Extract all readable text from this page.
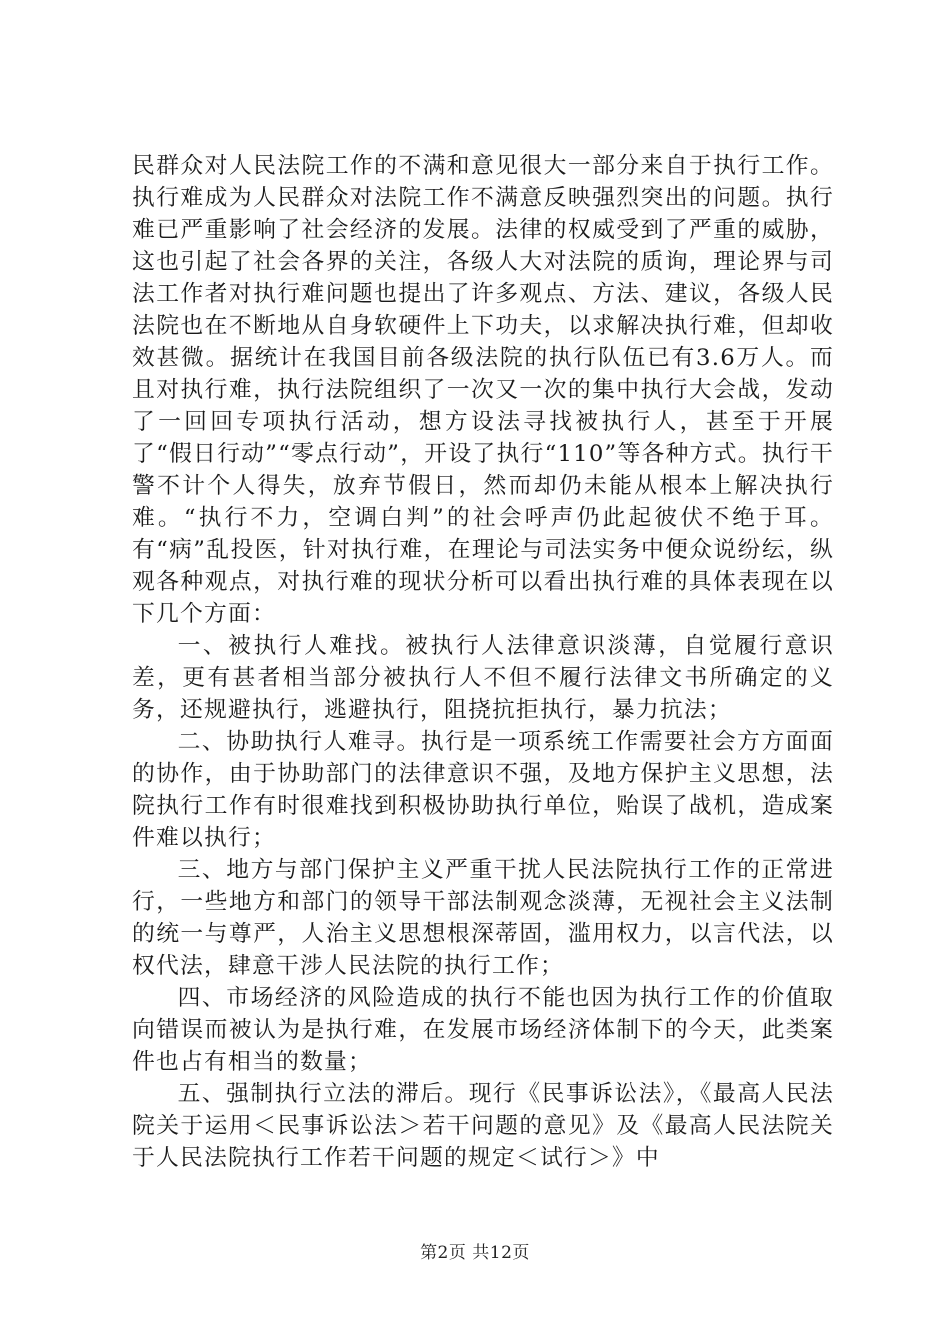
民群众对人民法院工作的不满和意见很大一部分来自于执行工作。执行难成为人民群众对法院工作不满意反映强烈突出的问题。执行难已严重影响了社会经济的发展。法律的权威受到了严重的威胁，这也引起了社会各界的关注，各级人大对法院的质询，理论界与司法工作者对执行难问题也提出了许多观点、方法、建议，各级人民法院也在不断地从自身软硬件上下功夫，以求解决执行难，但却收效甚微。据统计在我国目前各级法院的执行队伍已有3.6万人。而且对执行难，执行法院组织了一次又一次的集中执行大会战，发动了一回回专项执行活动，想方设法寻找被执行人，甚至于开展了“假日行动”“零点行动”，开设了执行“110”等各种方式。执行干警不计个人得失，放弃节假日，然而却仍未能从根本上解决执行难。“执行不力，空调白判”的社会呼声仍此起彼伏不绝于耳。有“病”乱投医，针对执行难，在理论与司法实务中便众说纷纭，纵观各种观点，对执行难的现状分析可以看出执行难的具体表现在以下几个方面：

一、被执行人难找。被执行人法律意识淡薄，自觉履行意识差，更有甚者相当部分被执行人不但不履行法律文书所确定的义务，还规避执行，逃避执行，阻挠抗拒执行，暴力抗法；

二、协助执行人难寻。执行是一项系统工作需要社会方方面面的协作，由于协助部门的法律意识不强，及地方保护主义思想，法院执行工作有时很难找到积极协助执行单位，贻误了战机，造成案件难以执行；

三、地方与部门保护主义严重干扰人民法院执行工作的正常进行，一些地方和部门的领导干部法制观念淡薄，无视社会主义法制的统一与尊严，人治主义思想根深蒂固，滥用权力，以言代法，以权代法，肆意干涉人民法院的执行工作；

四、市场经济的风险造成的执行不能也因为执行工作的价值取向错误而被认为是执行难，在发展市场经济体制下的今天，此类案件也占有相当的数量；

五、强制执行立法的滞后。现行《民事诉讼法》，《最高人民法院关于运用＜民事诉讼法＞若干问题的意见》及《最高人民法院关于人民法院执行工作若干问题的规定＜试行＞》中

第2页 共12页
